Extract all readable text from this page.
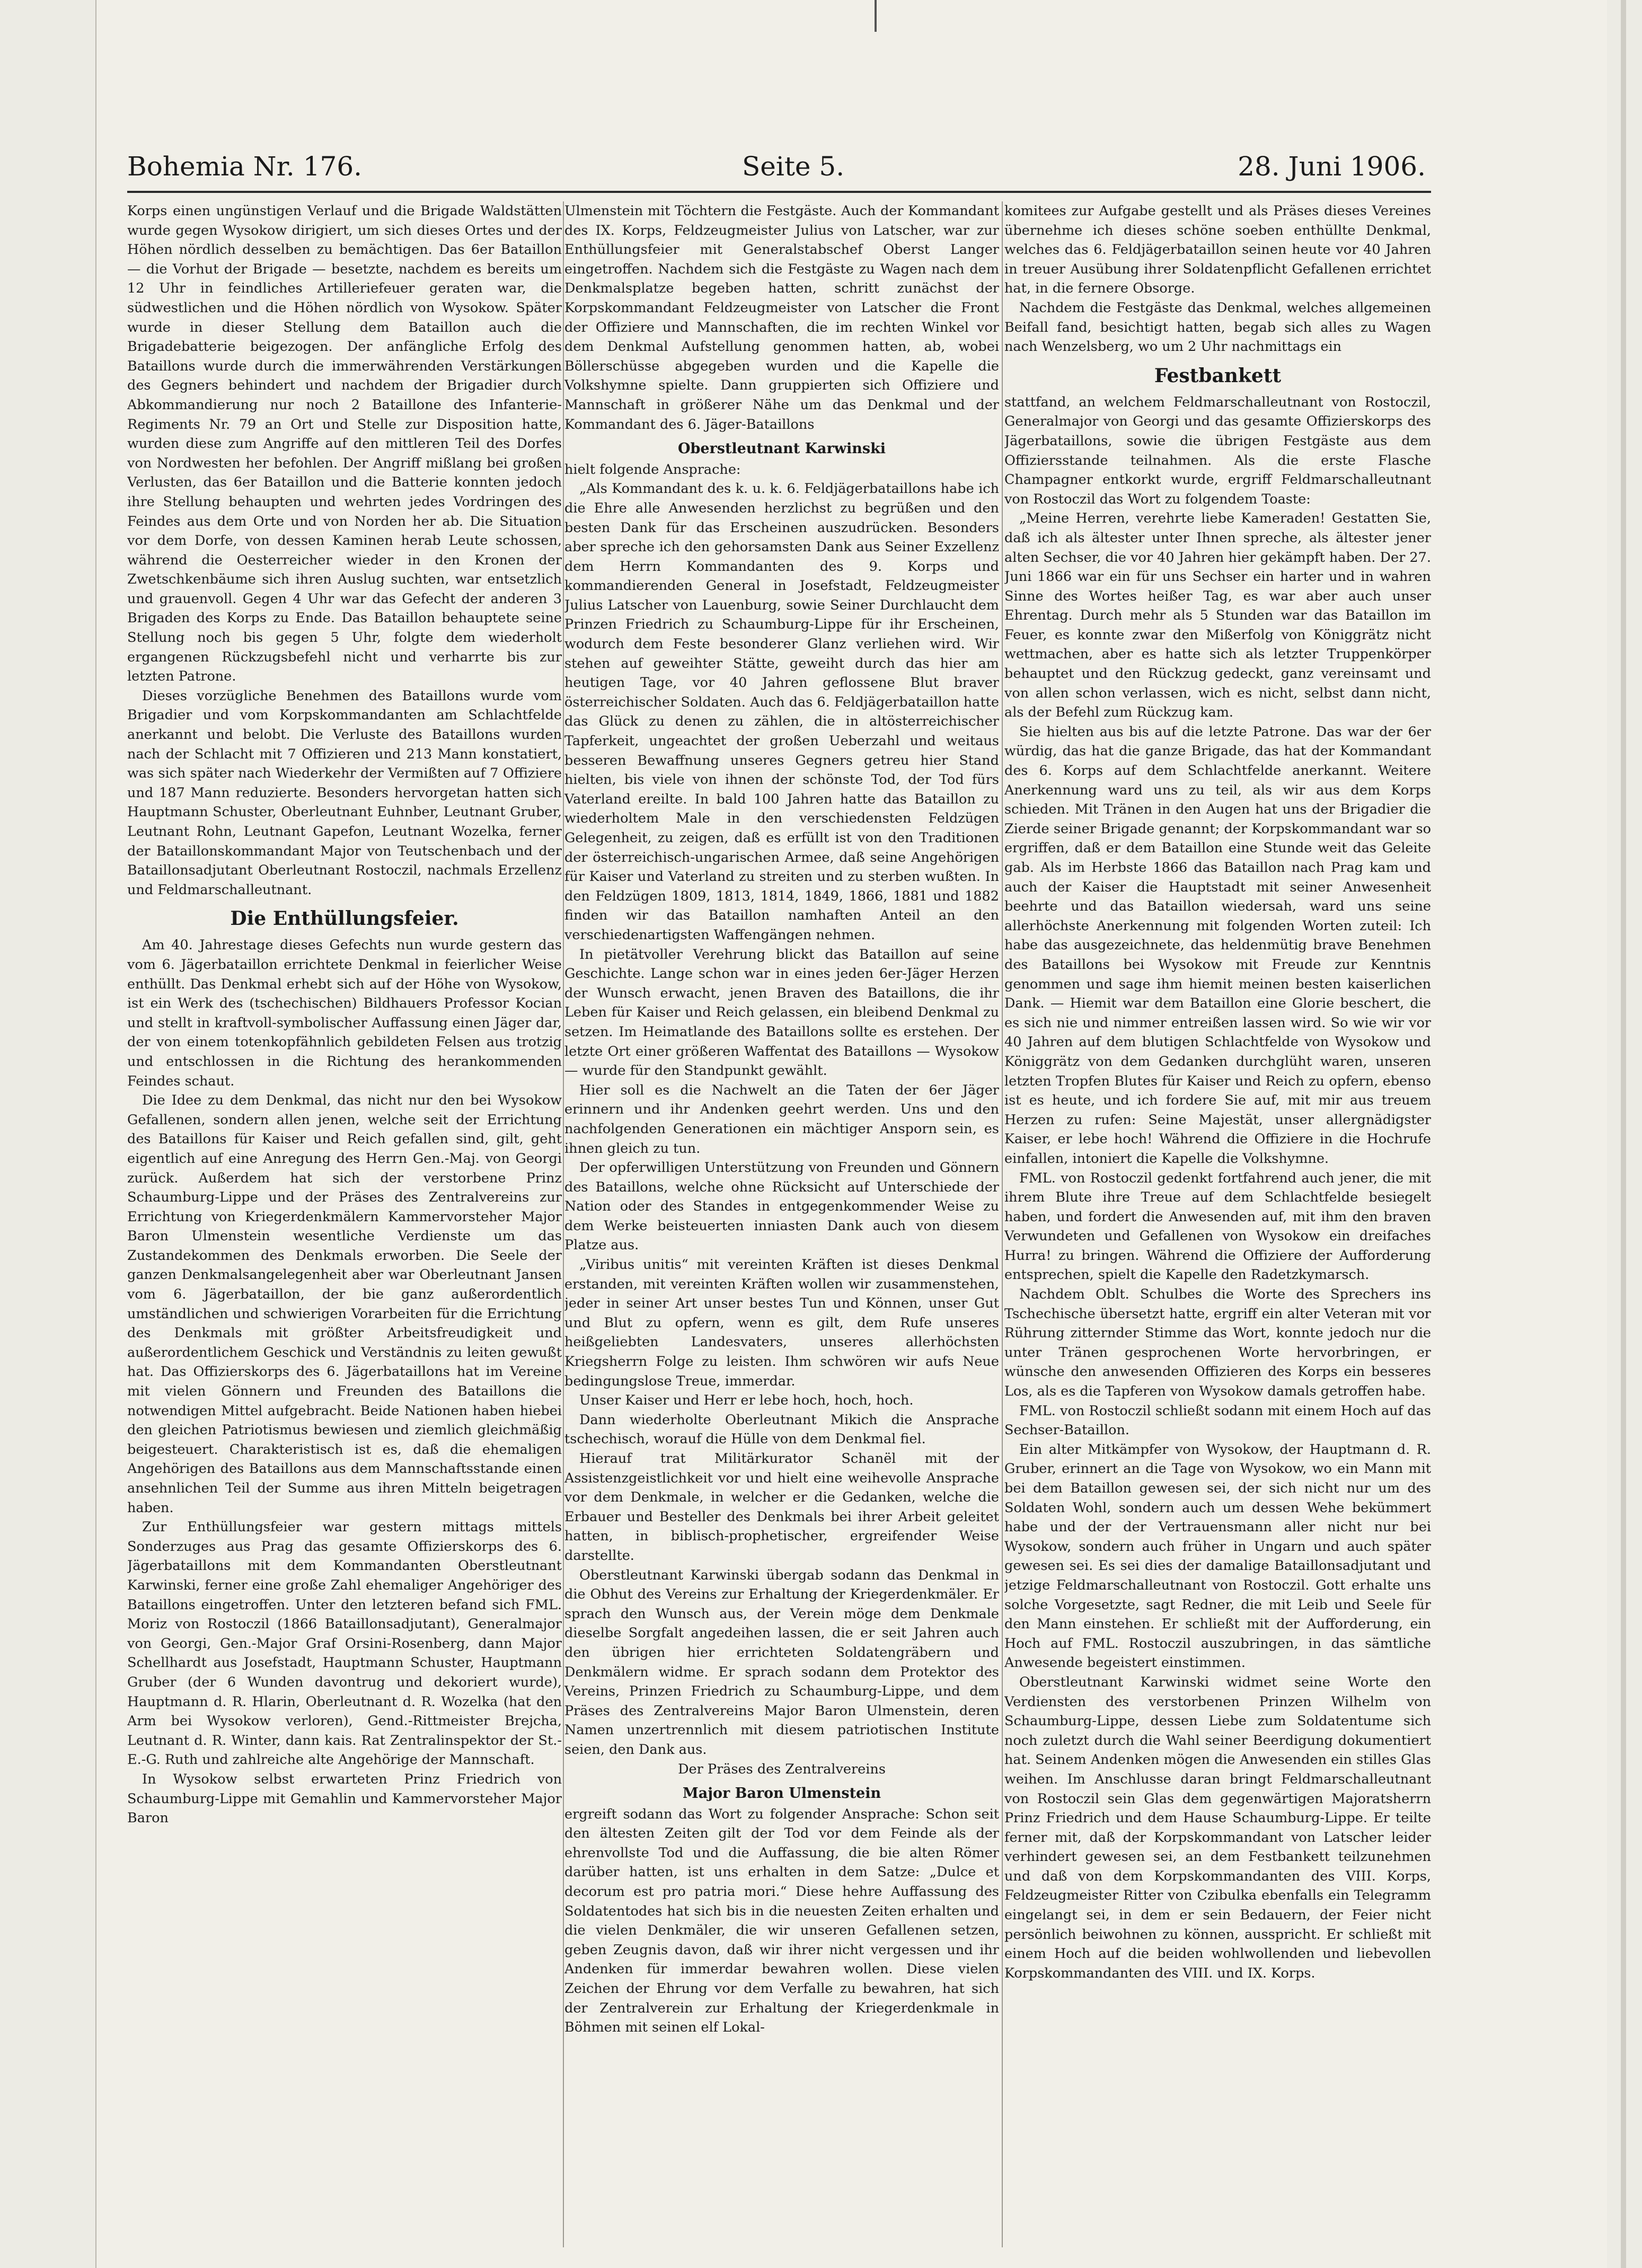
Bohemia Nr. 176.	Seite 5.	28. Juni 1906.

Korps einen ungünstigen Verlauf und die Brigade Waldstätten wurde gegen Wysokow dirigiert, um sich dieses Ortes und der Höhen nördlich desselben zu bemächtigen. Das 6er Bataillon — die Vorhut der Brigade — besetzte, nachdem es bereits um 12 Uhr in feindliches Artilleriefeuer geraten war, die südwestlichen und die Höhen nördlich von Wysokow. Später wurde in dieser Stellung dem Bataillon auch die Brigadebatterie beigezogen. Der anfängliche Erfolg des Bataillons wurde durch die immerwährenden Verstärkungen des Gegners behindert und nachdem der Brigadier durch Abkommandierung nur noch 2 Bataillone des Infanterie-Regiments Nr. 79 an Ort und Stelle zur Disposition hatte, wurden diese zum Angriffe auf den mittleren Teil des Dorfes von Nordwesten her befohlen. Der Angriff mißlang bei großen Verlusten, das 6er Bataillon und die Batterie konnten jedoch ihre Stellung behaupten und wehrten jedes Vordringen des Feindes aus dem Orte und von Norden her ab. Die Situation vor dem Dorfe, von dessen Kaminen herab Leute schossen, während die Oesterreicher wieder in den Kronen der Zwetschkenbäume sich ihren Auslug suchten, war entsetzlich und grauenvoll. Gegen 4 Uhr war das Gefecht der anderen 3 Brigaden des Korps zu Ende. Das Bataillon behauptete seine Stellung noch bis gegen 5 Uhr, folgte dem wiederholt ergangenen Rückzugsbefehl nicht und verharrte bis zur letzten Patrone.

Dieses vorzügliche Benehmen des Bataillons wurde vom Brigadier und vom Korpskommandanten am Schlachtfelde anerkannt und belobt. Die Verluste des Bataillons wurden nach der Schlacht mit 7 Offizieren und 213 Mann konstatiert, was sich später nach Wiederkehr der Vermißten auf 7 Offiziere und 187 Mann reduzierte. Besonders hervorgetan hatten sich Hauptmann Schuster, Oberleutnant Euhnber, Leutnant Gruber, Leutnant Rohn, Leutnant Gapefon, Leutnant Wozelka, ferner der Bataillonskommandant Major von Teutschenbach und der Bataillonsadjutant Oberleutnant Rostoczil, nachmals Erzellenz und Feldmarschalleutnant.

Die Enthüllungsfeier.

Am 40. Jahrestage dieses Gefechts nun wurde gestern das vom 6. Jägerbataillon errichtete Denkmal in feierlicher Weise enthüllt. Das Denkmal erhebt sich auf der Höhe von Wysokow, ist ein Werk des (tschechischen) Bildhauers Professor Kocian und stellt in kraftvoll-symbolischer Auffassung einen Jäger dar, der von einem totenkopfähnlich gebildeten Felsen aus trotzig und entschlossen in die Richtung des herankommenden Feindes schaut.

Die Idee zu dem Denkmal, das nicht nur den bei Wysokow Gefallenen, sondern allen jenen, welche seit der Errichtung des Bataillons für Kaiser und Reich gefallen sind, gilt, geht eigentlich auf eine Anregung des Herrn Gen.-Maj. von Georgi zurück. Außerdem hat sich der verstorbene Prinz Schaumburg-Lippe und der Präses des Zentralvereins zur Errichtung von Kriegerdenkmälern Kammervorsteher Major Baron Ulmenstein wesentliche Verdienste um das Zustandekommen des Denkmals erworben. Die Seele der ganzen Denkmalsangelegenheit aber war Oberleutnant Jansen vom 6. Jägerbataillon, der bie ganz außerordentlich umständlichen und schwierigen Vorarbeiten für die Errichtung des Denkmals mit größter Arbeitsfreudigkeit und außerordentlichem Geschick und Verständnis zu leiten gewußt hat. Das Offizierskorps des 6. Jägerbataillons hat im Vereine mit vielen Gönnern und Freunden des Bataillons die notwendigen Mittel aufgebracht. Beide Nationen haben hiebei den gleichen Patriotismus bewiesen und ziemlich gleichmäßig beigesteuert. Charakteristisch ist es, daß die ehemaligen Angehörigen des Bataillons aus dem Mannschaftsstande einen ansehnlichen Teil der Summe aus ihren Mitteln beigetragen haben.

Zur Enthüllungsfeier war gestern mittags mittels Sonderzuges aus Prag das gesamte Offizierskorps des 6. Jägerbataillons mit dem Kommandanten Oberstleutnant Karwinski, ferner eine große Zahl ehemaliger Angehöriger des Bataillons eingetroffen. Unter den letzteren befand sich FML. Moriz von Rostoczil (1866 Bataillonsadjutant), Generalmajor von Georgi, Gen.-Major Graf Orsini-Rosenberg, dann Major Schellhardt aus Josefstadt, Hauptmann Schuster, Hauptmann Gruber (der 6 Wunden davontrug und dekoriert wurde), Hauptmann d. R. Hlarin, Oberleutnant d. R. Wozelka (hat den Arm bei Wysokow verloren), Gend.-Rittmeister Brejcha, Leutnant d. R. Winter, dann kais. Rat Zentralinspektor der St.-E.-G. Ruth und zahlreiche alte Angehörige der Mannschaft.

In Wysokow selbst erwarteten Prinz Friedrich von Schaumburg-Lippe mit Gemahlin und Kammervorsteher Major Baron

Ulmenstein mit Töchtern die Festgäste. Auch der Kommandant des IX. Korps, Feldzeugmeister Julius von Latscher, war zur Enthüllungsfeier mit Generalstabschef Oberst Langer eingetroffen. Nachdem sich die Festgäste zu Wagen nach dem Denkmalsplatze begeben hatten, schritt zunächst der Korpskommandant Feldzeugmeister von Latscher die Front der Offiziere und Mannschaften, die im rechten Winkel vor dem Denkmal Aufstellung genommen hatten, ab, wobei Böllerschüsse abgegeben wurden und die Kapelle die Volkshymne spielte. Dann gruppierten sich Offiziere und Mannschaft in größerer Nähe um das Denkmal und der Kommandant des 6. Jäger-Bataillons

Oberstleutnant Karwinski

hielt folgende Ansprache:

„Als Kommandant des k. u. k. 6. Feldjägerbataillons habe ich die Ehre alle Anwesenden herzlichst zu begrüßen und den besten Dank für das Erscheinen auszudrücken. Besonders aber spreche ich den gehorsamsten Dank aus Seiner Exzellenz dem Herrn Kommandanten des 9. Korps und kommandierenden General in Josefstadt, Feldzeugmeister Julius Latscher von Lauenburg, sowie Seiner Durchlaucht dem Prinzen Friedrich zu Schaumburg-Lippe für ihr Erscheinen, wodurch dem Feste besonderer Glanz verliehen wird. Wir stehen auf geweihter Stätte, geweiht durch das hier am heutigen Tage, vor 40 Jahren geflossene Blut braver österreichischer Soldaten. Auch das 6. Feldjägerbataillon hatte das Glück zu denen zu zählen, die in altösterreichischer Tapferkeit, ungeachtet der großen Ueberzahl und weitaus besseren Bewaffnung unseres Gegners getreu hier Stand hielten, bis viele von ihnen der schönste Tod, der Tod fürs Vaterland ereilte. In bald 100 Jahren hatte das Bataillon zu wiederholtem Male in den verschiedensten Feldzügen Gelegenheit, zu zeigen, daß es erfüllt ist von den Traditionen der österreichisch-ungarischen Armee, daß seine Angehörigen für Kaiser und Vaterland zu streiten und zu sterben wußten. In den Feldzügen 1809, 1813, 1814, 1849, 1866, 1881 und 1882 finden wir das Bataillon namhaften Anteil an den verschiedenartigsten Waffengängen nehmen.

In pietätvoller Verehrung blickt das Bataillon auf seine Geschichte. Lange schon war in eines jeden 6er-Jäger Herzen der Wunsch erwacht, jenen Braven des Bataillons, die ihr Leben für Kaiser und Reich gelassen, ein bleibend Denkmal zu setzen. Im Heimatlande des Bataillons sollte es erstehen. Der letzte Ort einer größeren Waffentat des Bataillons — Wysokow — wurde für den Standpunkt gewählt.

Hier soll es die Nachwelt an die Taten der 6er Jäger erinnern und ihr Andenken geehrt werden. Uns und den nachfolgenden Generationen ein mächtiger Ansporn sein, es ihnen gleich zu tun.

Der opferwilligen Unterstützung von Freunden und Gönnern des Bataillons, welche ohne Rücksicht auf Unterschiede der Nation oder des Standes in entgegenkommender Weise zu dem Werke beisteuerten inniasten Dank auch von diesem Platze aus.

„Viribus unitis“ mit vereinten Kräften ist dieses Denkmal erstanden, mit vereinten Kräften wollen wir zusammenstehen, jeder in seiner Art unser bestes Tun und Können, unser Gut und Blut zu opfern, wenn es gilt, dem Rufe unseres heißgeliebten Landesvaters, unseres allerhöchsten Kriegsherrn Folge zu leisten. Ihm schwören wir aufs Neue bedingungslose Treue, immerdar.

Unser Kaiser und Herr er lebe hoch, hoch, hoch.

Dann wiederholte Oberleutnant Mikich die Ansprache tschechisch, worauf die Hülle von dem Denkmal fiel.

Hierauf trat Militärkurator Schanël mit der Assistenzgeistlichkeit vor und hielt eine weihevolle Ansprache vor dem Denkmale, in welcher er die Gedanken, welche die Erbauer und Besteller des Denkmals bei ihrer Arbeit geleitet hatten, in biblisch-prophetischer, ergreifender Weise darstellte.

Oberstleutnant Karwinski übergab sodann das Denkmal in die Obhut des Vereins zur Erhaltung der Kriegerdenkmäler. Er sprach den Wunsch aus, der Verein möge dem Denkmale dieselbe Sorgfalt angedeihen lassen, die er seit Jahren auch den übrigen hier errichteten Soldatengräbern und Denkmälern widme. Er sprach sodann dem Protektor des Vereins, Prinzen Friedrich zu Schaumburg-Lippe, und dem Präses des Zentralvereins Major Baron Ulmenstein, deren Namen unzertrennlich mit diesem patriotischen Institute seien, den Dank aus.

Der Präses des Zentralvereins

Major Baron Ulmenstein

ergreift sodann das Wort zu folgender Ansprache: Schon seit den ältesten Zeiten gilt der Tod vor dem Feinde als der ehrenvollste Tod und die Auffassung, die bie alten Römer darüber hatten, ist uns erhalten in dem Satze: „Dulce et decorum est pro patria mori.“ Diese hehre Auffassung des Soldatentodes hat sich bis in die neuesten Zeiten erhalten und die vielen Denkmäler, die wir unseren Gefallenen setzen, geben Zeugnis davon, daß wir ihrer nicht vergessen und ihr Andenken für immerdar bewahren wollen. Diese vielen Zeichen der Ehrung vor dem Verfalle zu bewahren, hat sich der Zentralverein zur Erhaltung der Kriegerdenkmale in Böhmen mit seinen elf Lokal-

komitees zur Aufgabe gestellt und als Präses dieses Vereines übernehme ich dieses schöne soeben enthüllte Denkmal, welches das 6. Feldjägerbataillon seinen heute vor 40 Jahren in treuer Ausübung ihrer Soldatenpflicht Gefallenen errichtet hat, in die fernere Obsorge.

Nachdem die Festgäste das Denkmal, welches allgemeinen Beifall fand, besichtigt hatten, begab sich alles zu Wagen nach Wenzelsberg, wo um 2 Uhr nachmittags ein

Festbankett

stattfand, an welchem Feldmarschalleutnant von Rostoczil, Generalmajor von Georgi und das gesamte Offizierskorps des Jägerbataillons, sowie die übrigen Festgäste aus dem Offiziersstande teilnahmen. Als die erste Flasche Champagner entkorkt wurde, ergriff Feldmarschalleutnant von Rostoczil das Wort zu folgendem Toaste:

„Meine Herren, verehrte liebe Kameraden! Gestatten Sie, daß ich als ältester unter Ihnen spreche, als ältester jener alten Sechser, die vor 40 Jahren hier gekämpft haben. Der 27. Juni 1866 war ein für uns Sechser ein harter und in wahren Sinne des Wortes heißer Tag, es war aber auch unser Ehrentag. Durch mehr als 5 Stunden war das Bataillon im Feuer, es konnte zwar den Mißerfolg von Königgrätz nicht wettmachen, aber es hatte sich als letzter Truppenkörper behauptet und den Rückzug gedeckt, ganz vereinsamt und von allen schon verlassen, wich es nicht, selbst dann nicht, als der Befehl zum Rückzug kam.

Sie hielten aus bis auf die letzte Patrone. Das war der 6er würdig, das hat die ganze Brigade, das hat der Kommandant des 6. Korps auf dem Schlachtfelde anerkannt. Weitere Anerkennung ward uns zu teil, als wir aus dem Korps schieden. Mit Tränen in den Augen hat uns der Brigadier die Zierde seiner Brigade genannt; der Korpskommandant war so ergriffen, daß er dem Bataillon eine Stunde weit das Geleite gab. Als im Herbste 1866 das Bataillon nach Prag kam und auch der Kaiser die Hauptstadt mit seiner Anwesenheit beehrte und das Bataillon wiedersah, ward uns seine allerhöchste Anerkennung mit folgenden Worten zuteil: Ich habe das ausgezeichnete, das heldenmütig brave Benehmen des Bataillons bei Wysokow mit Freude zur Kenntnis genommen und sage ihm hiemit meinen besten kaiserlichen Dank. — Hiemit war dem Bataillon eine Glorie beschert, die es sich nie und nimmer entreißen lassen wird. So wie wir vor 40 Jahren auf dem blutigen Schlachtfelde von Wysokow und Königgrätz von dem Gedanken durchglüht waren, unseren letzten Tropfen Blutes für Kaiser und Reich zu opfern, ebenso ist es heute, und ich fordere Sie auf, mit mir aus treuem Herzen zu rufen: Seine Majestät, unser allergnädigster Kaiser, er lebe hoch! Während die Offiziere in die Hochrufe einfallen, intoniert die Kapelle die Volkshymne.

FML. von Rostoczil gedenkt fortfahrend auch jener, die mit ihrem Blute ihre Treue auf dem Schlachtfelde besiegelt haben, und fordert die Anwesenden auf, mit ihm den braven Verwundeten und Gefallenen von Wysokow ein dreifaches Hurra! zu bringen. Während die Offiziere der Aufforderung entsprechen, spielt die Kapelle den Radetzkymarsch.

Nachdem Oblt. Schulbes die Worte des Sprechers ins Tschechische übersetzt hatte, ergriff ein alter Veteran mit vor Rührung zitternder Stimme das Wort, konnte jedoch nur die unter Tränen gesprochenen Worte hervorbringen, er wünsche den anwesenden Offizieren des Korps ein besseres Los, als es die Tapferen von Wysokow damals getroffen habe.

FML. von Rostoczil schließt sodann mit einem Hoch auf das Sechser-Bataillon.

Ein alter Mitkämpfer von Wysokow, der Hauptmann d. R. Gruber, erinnert an die Tage von Wysokow, wo ein Mann mit bei dem Bataillon gewesen sei, der sich nicht nur um des Soldaten Wohl, sondern auch um dessen Wehe bekümmert habe und der der Vertrauensmann aller nicht nur bei Wysokow, sondern auch früher in Ungarn und auch später gewesen sei. Es sei dies der damalige Bataillonsadjutant und jetzige Feldmarschalleutnant von Rostoczil. Gott erhalte uns solche Vorgesetzte, sagt Redner, die mit Leib und Seele für den Mann einstehen. Er schließt mit der Aufforderung, ein Hoch auf FML. Rostoczil auszubringen, in das sämtliche Anwesende begeistert einstimmen.

Oberstleutnant Karwinski widmet seine Worte den Verdiensten des verstorbenen Prinzen Wilhelm von Schaumburg-Lippe, dessen Liebe zum Soldatentume sich noch zuletzt durch die Wahl seiner Beerdigung dokumentiert hat. Seinem Andenken mögen die Anwesenden ein stilles Glas weihen. Im Anschlusse daran bringt Feldmarschalleutnant von Rostoczil sein Glas dem gegenwärtigen Majoratsherrn Prinz Friedrich und dem Hause Schaumburg-Lippe. Er teilte ferner mit, daß der Korpskommandant von Latscher leider verhindert gewesen sei, an dem Festbankett teilzunehmen und daß von dem Korpskommandanten des VIII. Korps, Feldzeugmeister Ritter von Czibulka ebenfalls ein Telegramm eingelangt sei, in dem er sein Bedauern, der Feier nicht persönlich beiwohnen zu können, ausspricht. Er schließt mit einem Hoch auf die beiden wohlwollenden und liebevollen Korpskommandanten des VIII. und IX. Korps.
